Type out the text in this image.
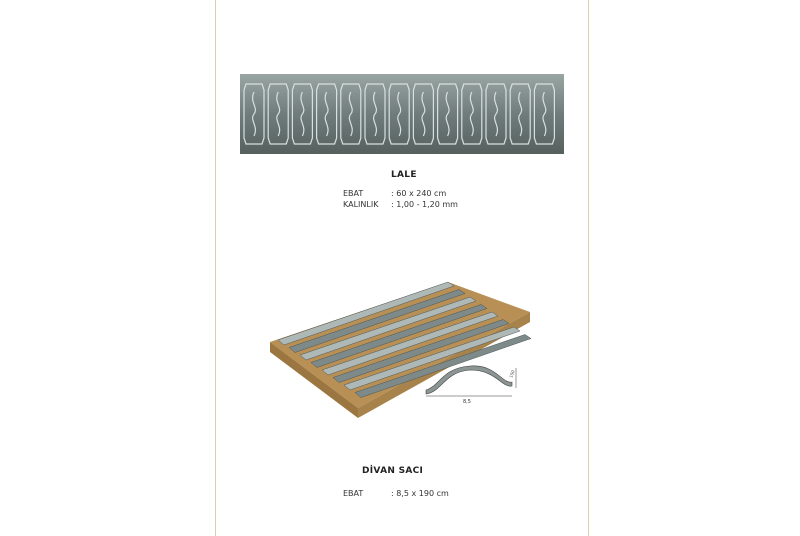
LALE
EBAT	: 60 x 240 cm
KALINLIK : 1,00 - 1,20 mm
8,5
150
DİVAN SACI
EBAT	: 8,5 x 190 cm
